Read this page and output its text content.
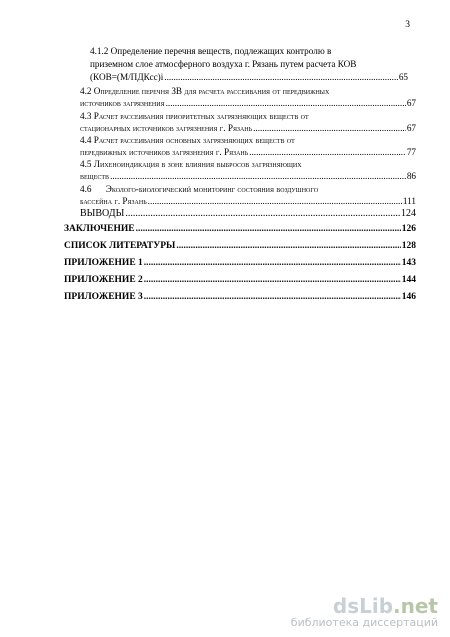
3
4.1.2 Определение перечня веществ, подлежащих контролю в
приземном слое атмосферного воздуха г. Рязань путем расчета КОВ
(КОВ=(М/ПДКсс)i .....	65
4.2 Определение перечня ЗВ для расчета рассеивания от передвижных
источников загрязнения .....	67
4.3 Расчет рассеивания приоритетных загрязняющих веществ от
стационарных источников загрязнения г. Рязань .....	67
4.4 Расчет рассеивания основных загрязняющих веществ от
передвижных источников загрязнения г. Рязань .....	77
4.5 Лихеноиндикация в зоне влияния выбросов загрязняющих
веществ .....	86
4.6 Эколого-биологический мониторинг состояния воздушного
бассейна г. Рязань .....	111
ВЫВОДЫ .....	124
ЗАКЛЮЧЕНИЕ .....	126
СПИСОК ЛИТЕРАТУРЫ .....	128
ПРИЛОЖЕНИЕ 1 .....	143
ПРИЛОЖЕНИЕ 2 .....	144
ПРИЛОЖЕНИЕ 3 .....	146
dsLib.net
библиотека диссертаций
